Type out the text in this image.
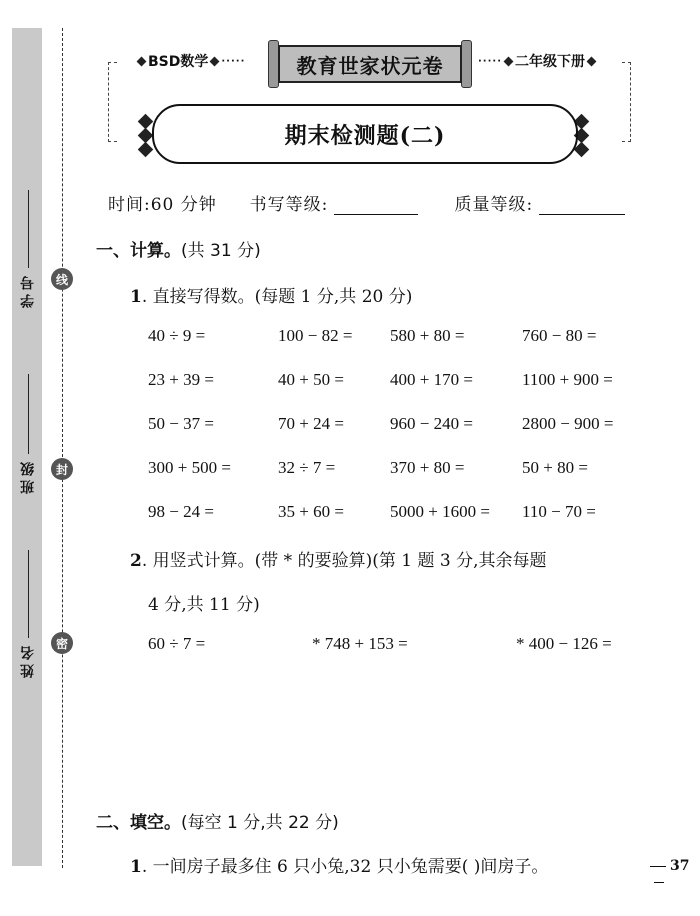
学号
班级
姓名
线
封
密
BSD数学 ·····	教育世家状元卷	····· 二年级下册
期末检测题(二)
时间:60 分钟 书写等级:	质量等级:
一、计算。(共 31 分)
1. 直接写得数。(每题 1 分,共 20 分)
40 ÷ 9 =	100 − 82 = 580 + 80 =	760 − 80 =
23 + 39 =	40 + 50 =	400 + 170 =	1100 + 900 =
50 − 37 =	70 + 24 =	960 − 240 =	2800 − 900 =
300 + 500 =	32 ÷ 7 =	370 + 80 =	50 + 80 =
98 − 24 =	35 + 60 =	5000 + 1600 = 110 − 70 =
2. 用竖式计算。(带 * 的要验算)(第 1 题 3 分,其余每题
4 分,共 11 分)
60 ÷ 7 =	* 748 + 153 =	* 400 − 126 =
二、填空。(每空 1 分,共 22 分)
1. 一间房子最多住 6 只小兔,32 只小兔需要( )间房子。	37
